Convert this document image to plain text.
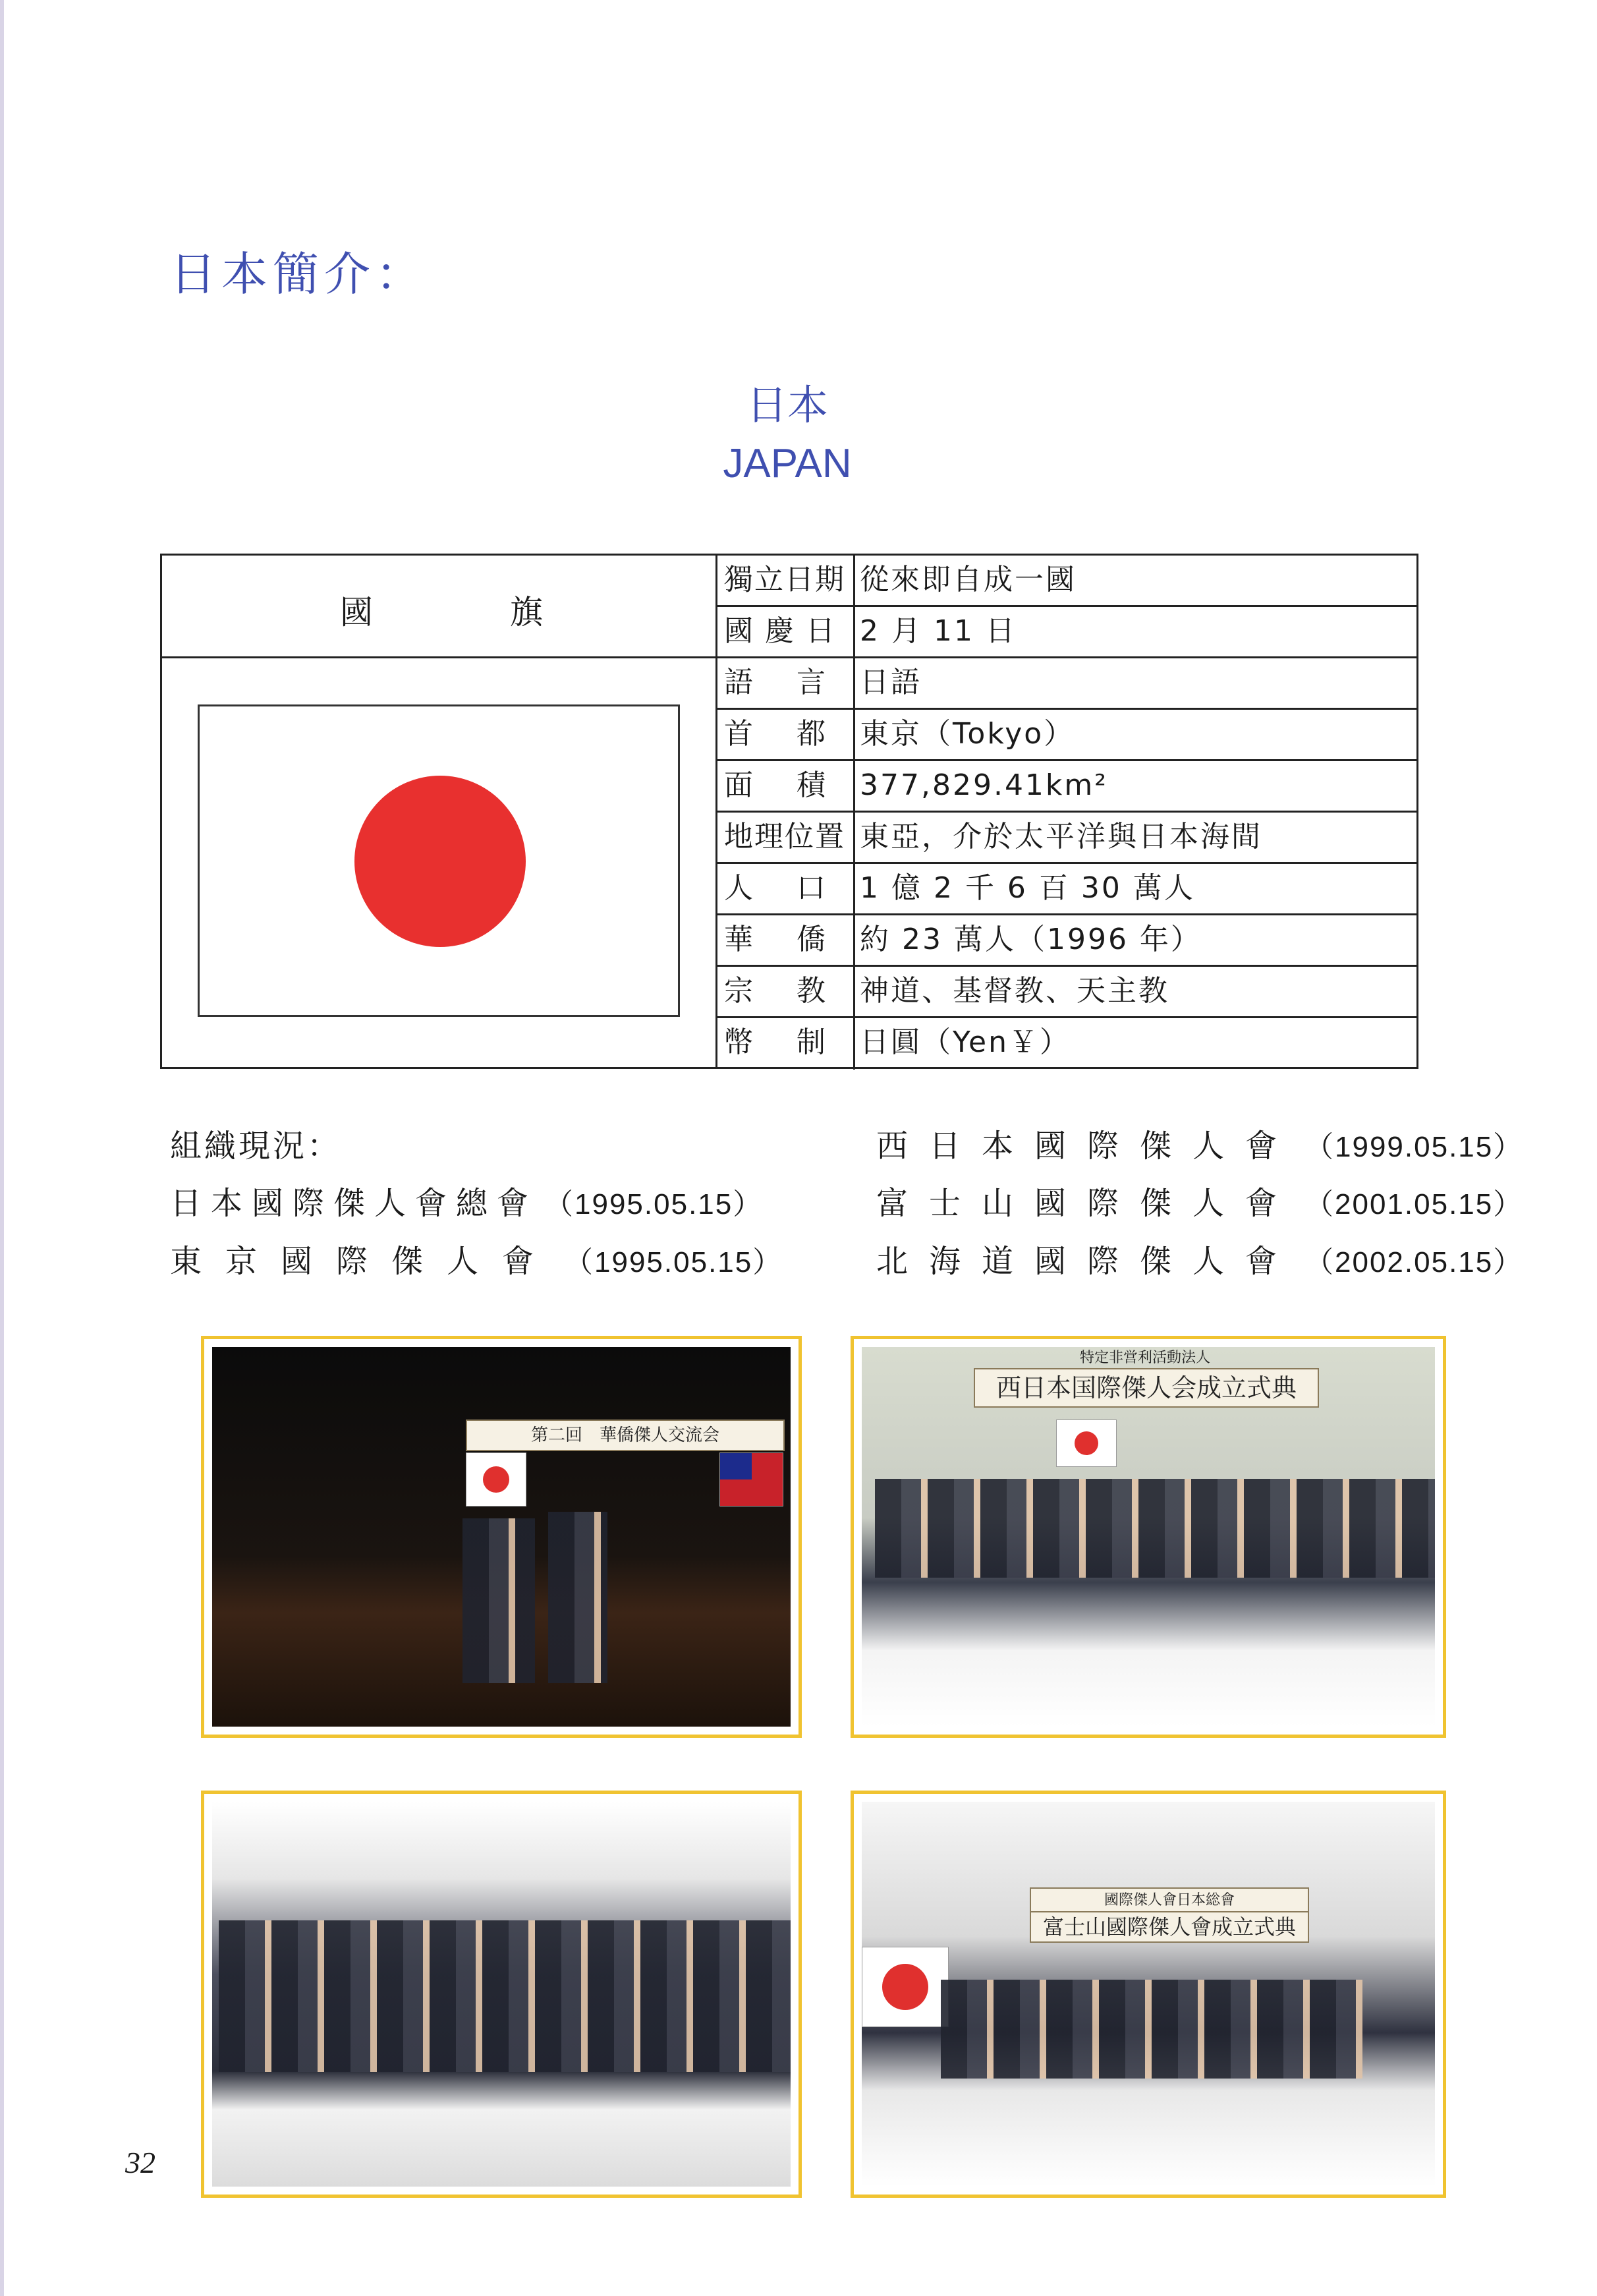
日本簡介：
日本
JAPAN
國	旗
獨立日期 從來即自成一國
國 慶 日 2 月 11 日
語    言	日語
首    都	東京（Tokyo）
面    積	377,829.41km²
地理位置 東亞，介於太平洋與日本海間
人    口	1 億 2 千 6 百 30 萬人
華    僑	約 23 萬人（1996 年）
宗    教	神道、基督教、天主教
幣    制	日圓（Yen￥）
組織現況：
日本國際傑人會總會 （1995.05.15）
東京國際傑人會 （1995.05.15）
西日本國際傑人會 （1999.05.15）
富士山國際傑人會 （2001.05.15）
北海道國際傑人會 （2002.05.15）
第二回　華僑傑人交流会
特定非営利活動法人
西日本国際傑人会成立式典
國際傑人會日本総會
富士山國際傑人會成立式典
32
